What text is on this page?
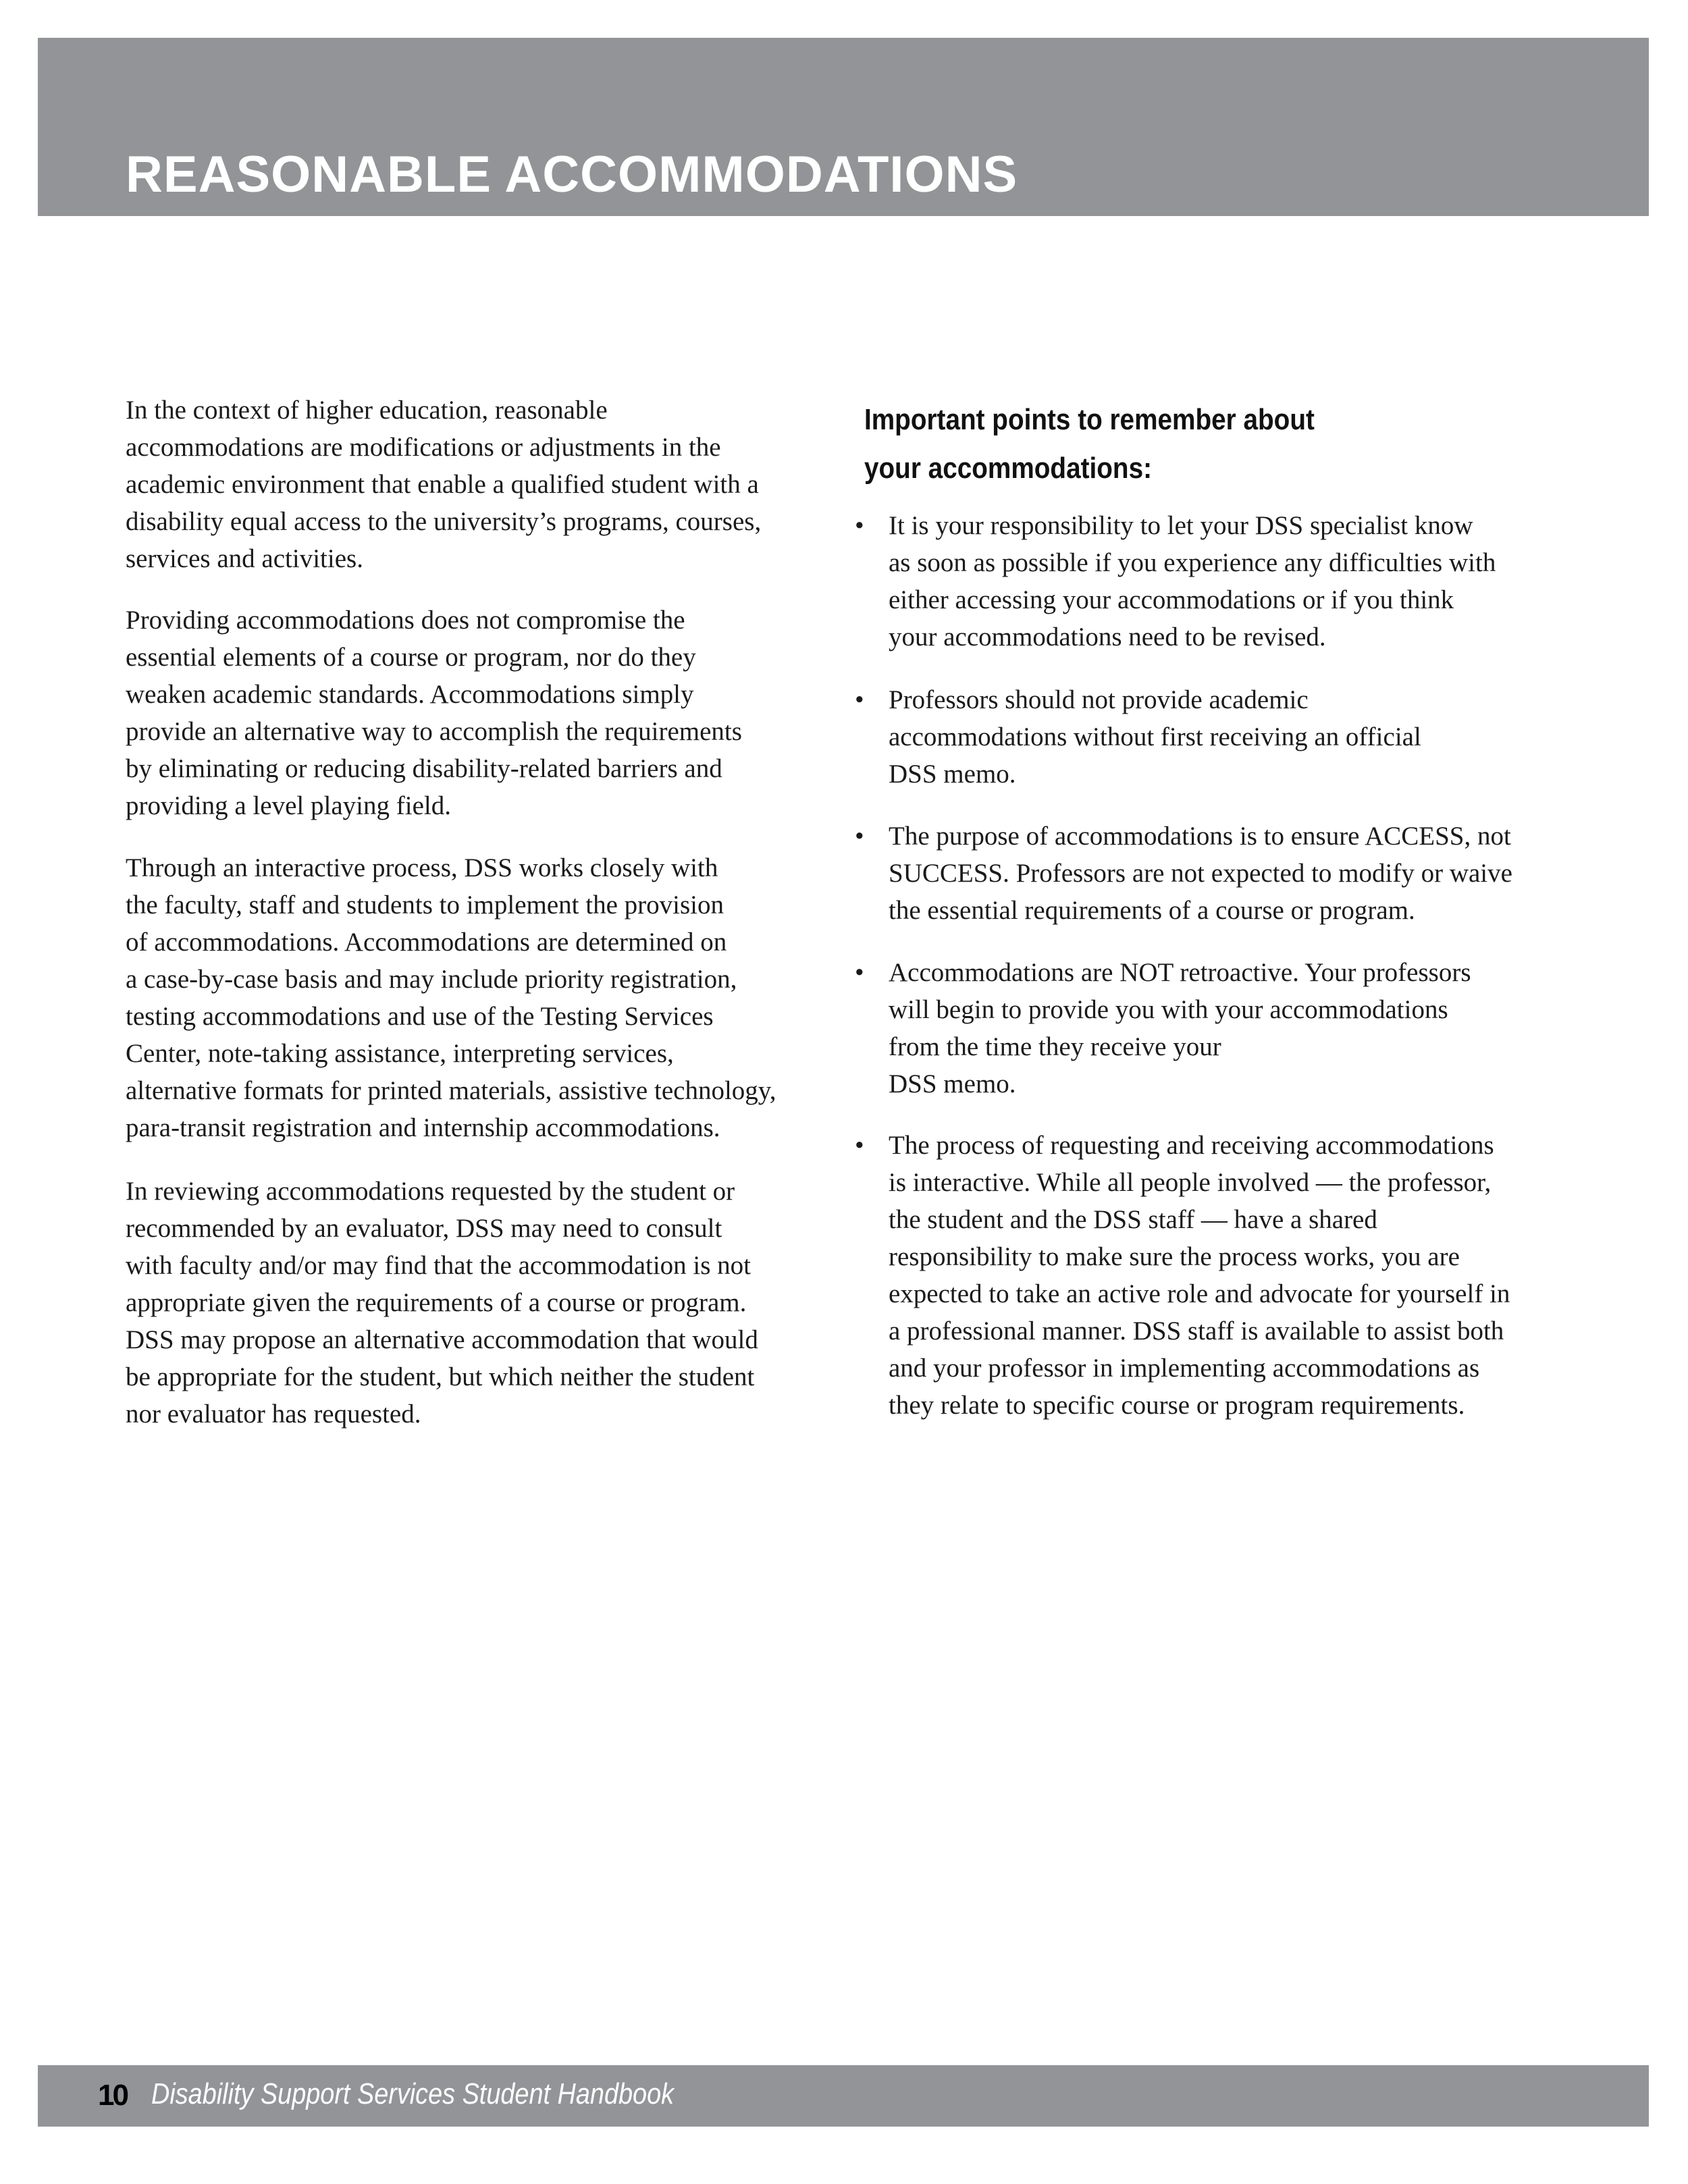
REASONABLE ACCOMMODATIONS
In the context of higher education, reasonable
accommodations are modifications or adjustments in the
academic environment that enable a qualified student with a
disability equal access to the university’s programs, courses,
services and activities.
Providing accommodations does not compromise the
essential elements of a course or program, nor do they
weaken academic standards. Accommodations simply
provide an alternative way to accomplish the requirements
by eliminating or reducing disability-related barriers and
providing a level playing field.
Through an interactive process, DSS works closely with
the faculty, staff and students to implement the provision
of accommodations. Accommodations are determined on
a case-by-case basis and may include priority registration,
testing accommodations and use of the Testing Services
Center, note-taking assistance, interpreting services,
alternative formats for printed materials, assistive technology,
para-transit registration and internship accommodations.
In reviewing accommodations requested by the student or
recommended by an evaluator, DSS may need to consult
with faculty and/or may find that the accommodation is not
appropriate given the requirements of a course or program.
DSS may propose an alternative accommodation that would
be appropriate for the student, but which neither the student
nor evaluator has requested.
Important points to remember about
your accommodations:
• It is your responsibility to let your DSS specialist know
as soon as possible if you experience any difficulties with
either accessing your accommodations or if you think
your accommodations need to be revised.
• Professors should not provide academic
accommodations without first receiving an official
DSS memo.
• The purpose of accommodations is to ensure ACCESS, not
SUCCESS. Professors are not expected to modify or waive
the essential requirements of a course or program.
• Accommodations are NOT retroactive. Your professors
will begin to provide you with your accommodations
from the time they receive your
DSS memo.
• The process of requesting and receiving accommodations
is interactive. While all people involved — the professor,
the student and the DSS staff — have a shared
responsibility to make sure the process works, you are
expected to take an active role and advocate for yourself in
a professional manner. DSS staff is available to assist both
and your professor in implementing accommodations as
they relate to specific course or program requirements.
10 Disability Support Services Student Handbook
